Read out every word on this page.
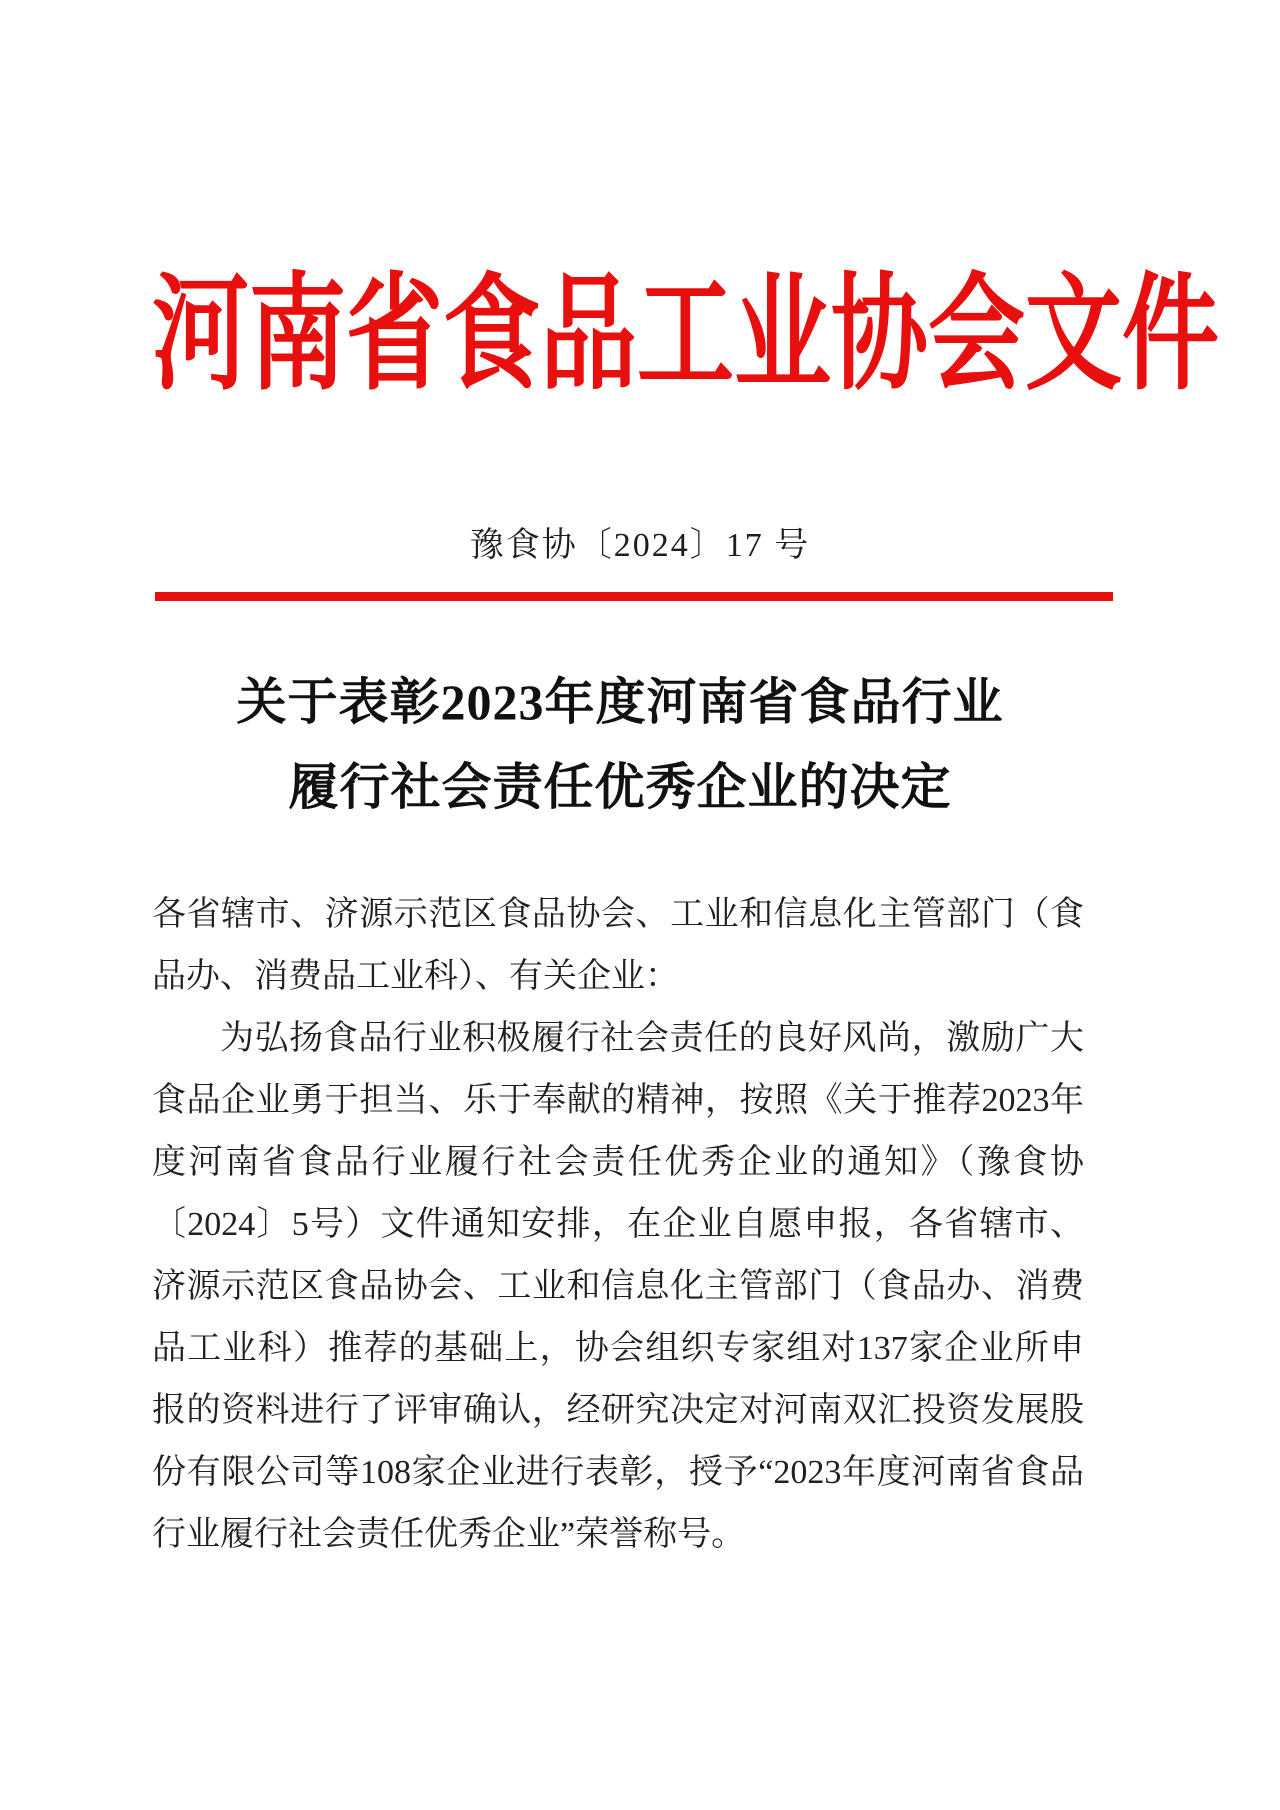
河南省食品工业协会文件
豫食协〔2024〕17 号
关于表彰2023年度河南省食品行业
履行社会责任优秀企业的决定

各省辖市、济源示范区食品协会、工业和信息化主管部门（食品办、消费品工业科）、有关企业：

为弘扬食品行业积极履行社会责任的良好风尚，激励广大食品企业勇于担当、乐于奉献的精神，按照《关于推荐2023年度河南省食品行业履行社会责任优秀企业的通知》（豫食协〔2024〕5号）文件通知安排，在企业自愿申报，各省辖市、济源示范区食品协会、工业和信息化主管部门（食品办、消费品工业科）推荐的基础上，协会组织专家组对137家企业所申报的资料进行了评审确认，经研究决定对河南双汇投资发展股份有限公司等108家企业进行表彰，授予“2023年度河南省食品行业履行社会责任优秀企业”荣誉称号。
